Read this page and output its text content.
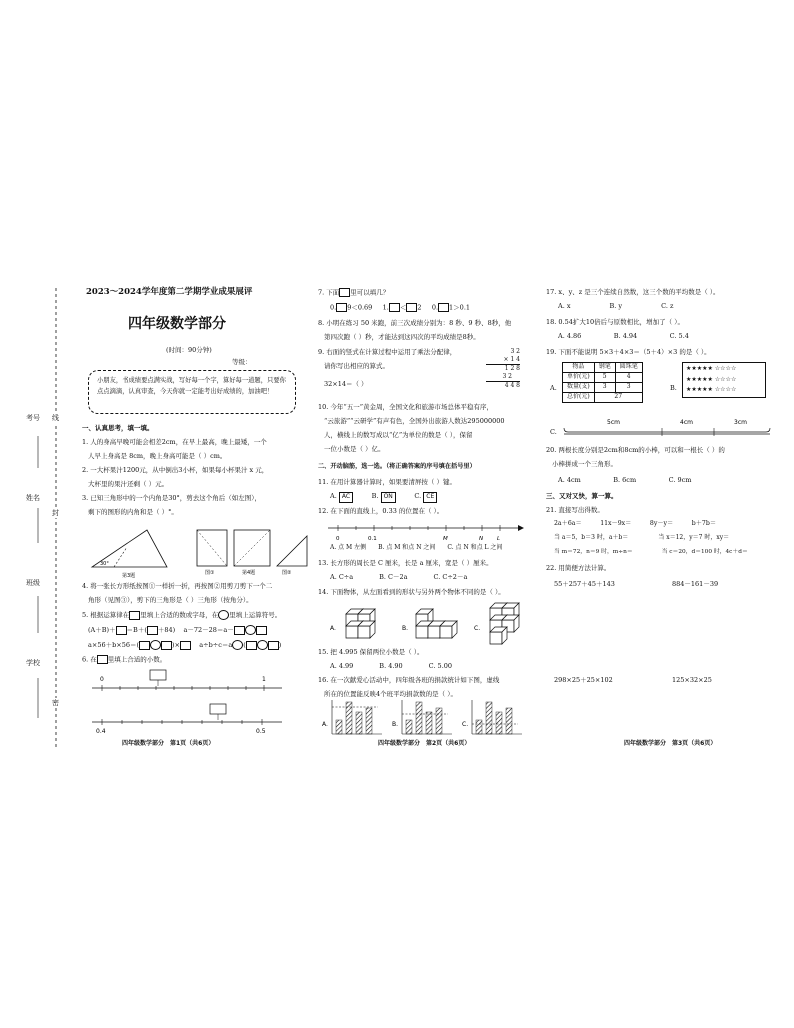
考号
姓名
班级
学校
线
封
密
2023～2024学年度第二学期学业成果展评
四年级数学部分
(时间：90分钟)
等级：
小朋友，书成绩要点满实战，写好每一个字，算好每一道题，只要你点点滴滴，认真审查，今天你就一定能考出好成绩的，加油吧！
一、认真思考，填一填。
1. 人的身高早晚可能会相差2cm，在早上最高，晚上最矮，一个
人早上身高是 8cm，晚上身高可能是（ ）cm。
2. 一大杯果汁1200元，从中倒出3小杯，如果每小杯果汁 x 元，
大杯里的果汁还剩（ ）元。
3. 已知三角形中的一个内角是30°，剪去这个角后（如左图），
剩下的图形的内角和是（ ）°。
30°
第3题	图①	第4题	图②
4. 将一张长方形纸按图①一样折一折，再按图②用剪刀剪下一个二
角形（见图③），剪下的三角形是（ ）三角形（按角分）。
5. 根据运算律在 里填上合适的数或字母，在 里填上运算符号。
(A＋B)＋ ＝B＋( ＋84) a－72－28＝a－
a×56＋b×56＝(	)×	a÷b÷c＝a (	)
6. 在 里填上合适的小数。
0	1
0.4	0.5
四年级数学部分　第1页（共6页）
7. 下面 里可以填几？
0. 9＜0.69 1. ＜ 2 0. 1＞0.1
8. 小明在练习 50 米跑，前三次成绩分别为：8 秒、9 秒、8秒，他
第四次跑（ ）秒，才能达到这四次的平均成绩是8秒。
9. 右面的竖式在计算过程中运用了乘法分配律，
请你写出相应的算式。
3 2
× 1 4
1 2 8
3 2
4 4 8
32×14＝（ ）
10. 今年“五一”黄金周，全国文化和旅游市场总体平稳有序，
“云旅游”“云研学”有声有色，全国外出旅游人数达295000000
人，横线上的数写成以“亿”为单位的数是（ ），保留
一位小数是（ ）亿。
二、开动脑筋，选一选。（将正确答案的序号填在括号里）
11. 在用计算器计算时，如果要清屏按（ ）键。
A. AC	B. ON	C. CE
12. 在下面的直线上，0.33 的位置在（ ）。
0	0.1	M	N	L
A. 点 M 左侧　　B. 点 M 和点 N 之间　　C. 点 N 和点 L 之间
13. 长方形的周长是 C 厘米，长是 a 厘米，宽是（ ）厘米。
A. C÷a　　　　B. C－2a　　　　C. C÷2－a
14. 下面物体，从左面看到的形状与另外两个物体不同的是（ ）。
A.	B.	C.
15. 把 4.995 保留两位小数是（ ）。
A. 4.99　　　　B. 4.90　　　　C. 5.00
16. 在一次献爱心活动中，四年级各班的捐款统计如下图，虚线
所在的位置能反映4个班平均捐款数的是（ ）。
A.	B.	C.
四年级数学部分　第2页（共6页）
17. x、y、z 是三个连续自然数，这三个数的平均数是（ ）。
A. x　　　　　　B. y　　　　　　C. z
18. 0.54扩大10倍后与原数相比，增加了（ ）。
A. 4.86　　　　　B. 4.94　　　　　C. 5.4
19. 下面不能说明 5×3＋4×3＝（5＋4）×3 的是（ ）。
A.
物品	钢笔	圆珠笔
单价(元)	5	4
数量(支)	3	3
总价(元)	27	
B.
★★★★★ ☆☆☆☆
★★★★★ ☆☆☆☆
★★★★★ ☆☆☆☆
C.
5cm	4cm	3cm
20. 两根长度分别是2cm和8cm的小棒，可以和一根长（ ）的
小棒拼成一个三角形。
A. 4cm　　　　　B. 6cm　　　　　C. 9cm
三、又对又快，算一算。
21. 直接写出得数。
2a＋6a＝　　　11x－9x＝　　　8y－y＝　　　b＋7b＝
当 a＝5，b＝3 时，a＋b＝　　　　　当 x＝12，y＝7 时，xy＝
当 m＝72，n＝9 时，m÷n＝　　　　　当 c＝20，d＝100 时，4c＋d＝
22. 用简便方法计算。
55＋257＋45＋143	884－161－39
298×25＋25×102	125×32×25
四年级数学部分　第3页（共6页）
